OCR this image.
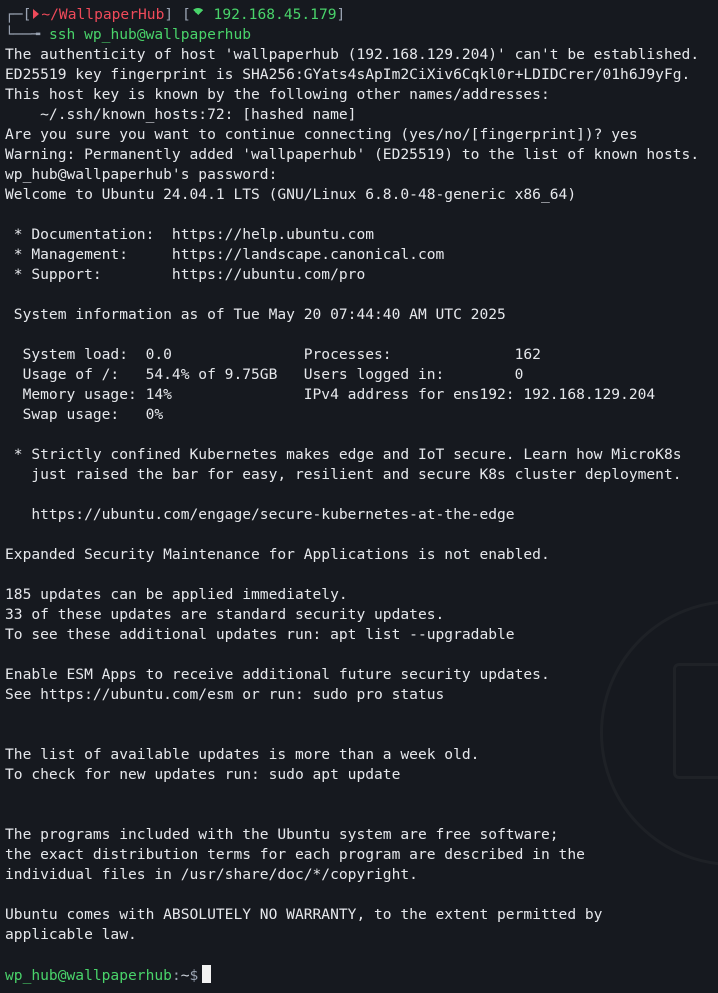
┌─[ ~/WallpaperHub] [ 192.168.45.179]
└──╼ ssh wp_hub@wallpaperhub
The authenticity of host 'wallpaperhub (192.168.129.204)' can't be established.
ED25519 key fingerprint is SHA256:GYats4sApIm2CiXiv6Cqkl0r+LDIDCrer/01h6J9yFg.
This host key is known by the following other names/addresses:
~/.ssh/known_hosts:72: [hashed name]
Are you sure you want to continue connecting (yes/no/[fingerprint])? yes
Warning: Permanently added 'wallpaperhub' (ED25519) to the list of known hosts.
wp_hub@wallpaperhub's password:
Welcome to Ubuntu 24.04.1 LTS (GNU/Linux 6.8.0-48-generic x86_64)
* Documentation:  https://help.ubuntu.com
* Management:     https://landscape.canonical.com
* Support:        https://ubuntu.com/pro
System information as of Tue May 20 07:44:40 AM UTC 2025
System load:  0.0               Processes:              162
Usage of /:   54.4% of 9.75GB   Users logged in:        0
Memory usage: 14%               IPv4 address for ens192: 192.168.129.204
Swap usage:   0%
* Strictly confined Kubernetes makes edge and IoT secure. Learn how MicroK8s
just raised the bar for easy, resilient and secure K8s cluster deployment.
https://ubuntu.com/engage/secure-kubernetes-at-the-edge
Expanded Security Maintenance for Applications is not enabled.
185 updates can be applied immediately.
33 of these updates are standard security updates.
To see these additional updates run: apt list --upgradable
Enable ESM Apps to receive additional future security updates.
See https://ubuntu.com/esm or run: sudo pro status
The list of available updates is more than a week old.
To check for new updates run: sudo apt update
The programs included with the Ubuntu system are free software;
the exact distribution terms for each program are described in the
individual files in /usr/share/doc/*/copyright.
Ubuntu comes with ABSOLUTELY NO WARRANTY, to the extent permitted by
applicable law.
wp_hub@wallpaperhub:~$
